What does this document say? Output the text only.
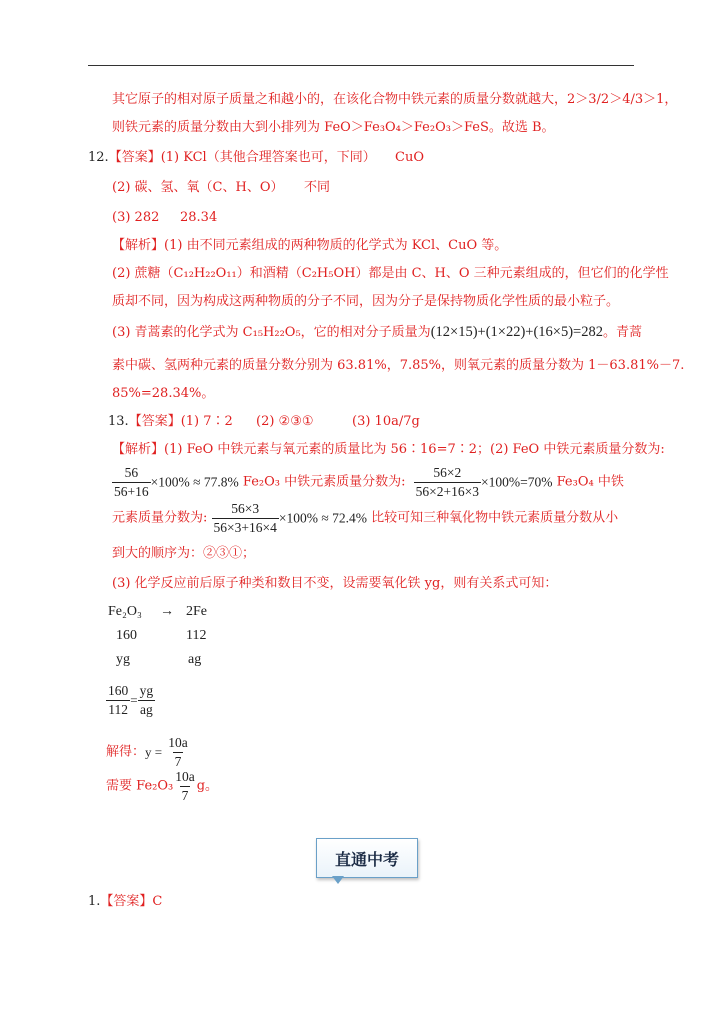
其它原子的相对原子质量之和越小的，在该化合物中铁元素的质量分数就越大，2＞3/2＞4/3＞1，
则铁元素的质量分数由大到小排列为 FeO＞Fe₃O₄＞Fe₂O₃＞FeS。故选 B。
12.【答案】(1) KCl（其他合理答案也可，下同） CuO
(2) 碳、氢、氧（C、H、O） 不同
(3) 282 28.34
【解析】(1) 由不同元素组成的两种物质的化学式为 KCl、CuO 等。
(2) 蔗糖（C₁₂H₂₂O₁₁）和酒精（C₂H₅OH）都是由 C、H、O 三种元素组成的，但它们的化学性
质却不同，因为构成这两种物质的分子不同，因为分子是保持物质化学性质的最小粒子。
(3) 青蒿素的化学式为 C₁₅H₂₂O₅，它的相对分子质量为(12×15)+(1×22)+(16×5)=282。青蒿
素中碳、氢两种元素的质量分数分别为 63.81%，7.85%，则氧元素的质量分数为 1－63.81%－7.
85%=28.34%。
13.【答案】(1) 7∶2 (2) ②③①	(3) 10a/7g
【解析】(1) FeO 中铁元素与氧元素的质量比为 56∶16=7∶2；(2) FeO 中铁元素质量分数为:
$\frac{56}{56+16} \times 100\% \approx 77.8\%$ Fe₂O₃ 中铁元素质量分数为: $\frac{56\times 2}{56\times 2+16\times 3} \times 100\%=70\%$ Fe₃O₄ 中铁
元素质量分数为: $\frac{56\times 3}{56\times 3+16\times 4} \times 100\% \approx 72.4\%$ 比较可知三种氧化物中铁元素质量分数从小
到大的顺序为：②③①；
(3) 化学反应前后原子种类和数目不变，设需要氧化铁 yg，则有关系式可知：
Fe₂O₃ → 2Fe
160	112
yg	ag
$\frac{160}{112} = \frac{yg}{ag}$
解得：$y = \frac{10a}{7}$
需要 $Fe_2O_3 \frac{10a}{7}$ g。
直通中考
1.【答案】C
